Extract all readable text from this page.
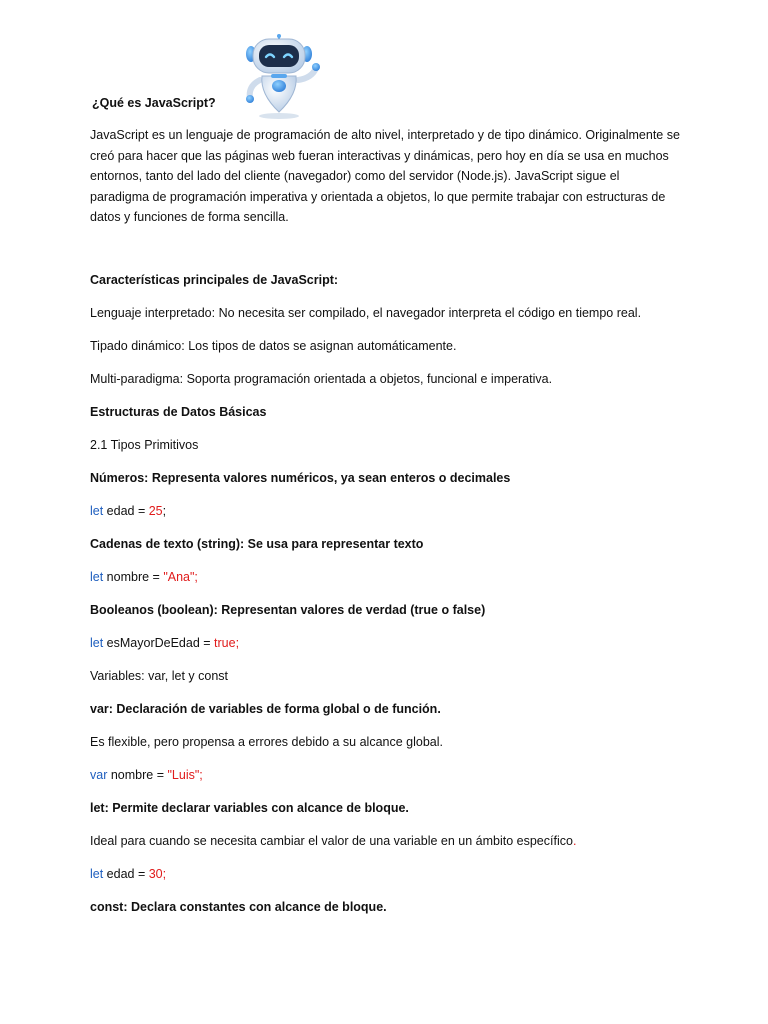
¿Qué es JavaScript?

JavaScript es un lenguaje de programación de alto nivel, interpretado y de tipo dinámico. Originalmente se creó para hacer que las páginas web fueran interactivas y dinámicas, pero hoy en día se usa en muchos entornos, tanto del lado del cliente (navegador) como del servidor (Node.js). JavaScript sigue el paradigma de programación imperativa y orientada a objetos, lo que permite trabajar con estructuras de datos y funciones de forma sencilla.

Características principales de JavaScript:

Lenguaje interpretado: No necesita ser compilado, el navegador interpreta el código en tiempo real.

Tipado dinámico: Los tipos de datos se asignan automáticamente.

Multi-paradigma: Soporta programación orientada a objetos, funcional e imperativa.

Estructuras de Datos Básicas

2.1 Tipos Primitivos

Números: Representa valores numéricos, ya sean enteros o decimales

let edad = 25;

Cadenas de texto (string): Se usa para representar texto

let nombre = "Ana";

Booleanos (boolean): Representan valores de verdad (true o false)

let esMayorDeEdad = true;

Variables: var, let y const

var: Declaración de variables de forma global o de función.

Es flexible, pero propensa a errores debido a su alcance global.

var nombre = "Luis";

let: Permite declarar variables con alcance de bloque.

Ideal para cuando se necesita cambiar el valor de una variable en un ámbito específico.

let edad = 30;

const: Declara constantes con alcance de bloque.
